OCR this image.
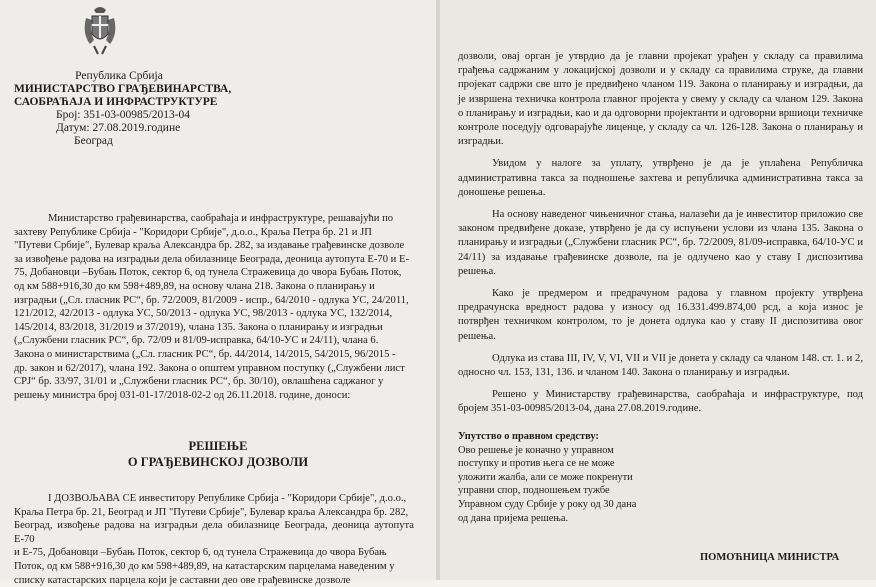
Република Србија
МИНИСТАРСТВО ГРАЂЕВИНАРСТВА,
САОБРАЋАЈА И ИНФРАСТРУКТУРЕ
Број: 351-03-00985/2013-04
Датум: 27.08.2019.године
Београд

Министарство грађевинарства, саобраћаја и инфраструктуре, решавајући по

захтеву Републике Србија - "Коридори Србије", д.о.о., Краља Петра бр. 21 и ЈП

"Путеви Србије", Булевар краља Александра бр. 282, за издавање грађевинске дозволе

за извођење радова на изградњи дела обилазнице Београда, деоница аутопута Е-70 и Е-

75, Добановци –Бубањ Поток, сектор 6, од тунела Стражевица до чвора Бубањ Поток,

од км 588+916,30 до км 598+489,89, на основу члана 218. Закона о планирању и

изградњи („Сл. гласник РС“, бр. 72/2009, 81/2009 - испр., 64/2010 - одлука УС, 24/2011,

121/2012, 42/2013 - одлука УС, 50/2013 - одлука УС, 98/2013 - одлука УС, 132/2014,

145/2014, 83/2018, 31/2019 и 37/2019), члана 135. Закона о планирању и изградњи

(„Службени гласник РС“, бр. 72/09 и 81/09-исправка, 64/10-УС и 24/11), члана 6.

Закона о министарствима („Сл. гласник РС“, бр. 44/2014, 14/2015, 54/2015, 96/2015 -

др. закон и 62/2017), члана 192. Закона о општем управном поступку („Службени лист

СРЈ“ бр. 33/97, 31/01 и „Службени гласник РС“, бр. 30/10), овлашћена саджаног у

решењу министра број 031-01-17/2018-02-2 од 26.11.2018. године, доноси:

РЕШЕЊЕ
О ГРАЂЕВИНСКОЈ ДОЗВОЛИ

I ДОЗВОЉАВА СЕ инвеститору Републике Србија - "Коридори Србије", д.о.о.,

Краља Петра бр. 21, Београд и ЈП "Путеви Србије", Булевар краља Александра бр. 282,

Београд, извођење радова на изградњи дела обилазнице Београда, деоница аутопута Е-70

и Е-75, Добановци –Бубањ Поток, сектор 6, од тунела Стражевица до чвора Бубањ

Поток, од км 588+916,30 до км 598+489,89, на катастарским парцелама наведеним у

списку катастарских парцела који је саставни део ове грађевинске дозволе

дозволи, овај орган је утврдио да је главни пројекат урађен у складу са правилима грађења садржаним у локацијској дозволи и у складу са правилима струке, да главни пројекат садржи све што је предвиђено чланом 119. Закона о планирању и изградњи, да је извршена техничка контрола главног пројекта у свему у складу са чланом 129. Закона о планирању и изградњи, као и да одговорни пројектанти и одговорни вршиоци техничке контроле поседују одговарајуће лиценце, у складу са чл. 126-128. Закона о планирању и изградњи.

Увидом у налоге за уплату, утврђено је да је уплаћена Републичка административна такса за подношење захтева и републичка административна такса за доношење решења.

На основу наведеног чињеничног стања, налазећи да је инвеститор приложио све законом предвиђене доказе, утврђено је да су испуњени услови из члана 135. Закона о планирању и изградњи („Службени гласник РС“, бр. 72/2009, 81/09-исправка, 64/10-УС и 24/11) за издавање грађевинске дозволе, па је одлучено као у ставу I диспозитива решења.

Како је предмером и предрачуном радова у главном пројекту утврђена предрачунска вредност радова у износу од 16.331.499.874,00 рсд, а која износ је потврђен техничком контролом, то је донета одлука као у ставу II диспозитива овог решења.

Одлука из става III, IV, V, VI, VII и VII је донета у складу са чланом 148. ст. 1. и 2, односно чл. 153, 131, 136. и чланом 140. Закона о планирању и изградњи.

Решено у Министарству грађевинарства, саобраћаја и инфраструктуре, под бројем 351-03-00985/2013-04, дана 27.08.2019.године.

Упутство о правном средству:
Ово решење је коначно у управном
поступку и против њега се не може
уложити жалба, али се може покренути
управни спор, подношењем тужбе
Управном суду Србије у року од 30 дана
од дана пријема решења.
ПОМОЋНИЦА МИНИСТРА
